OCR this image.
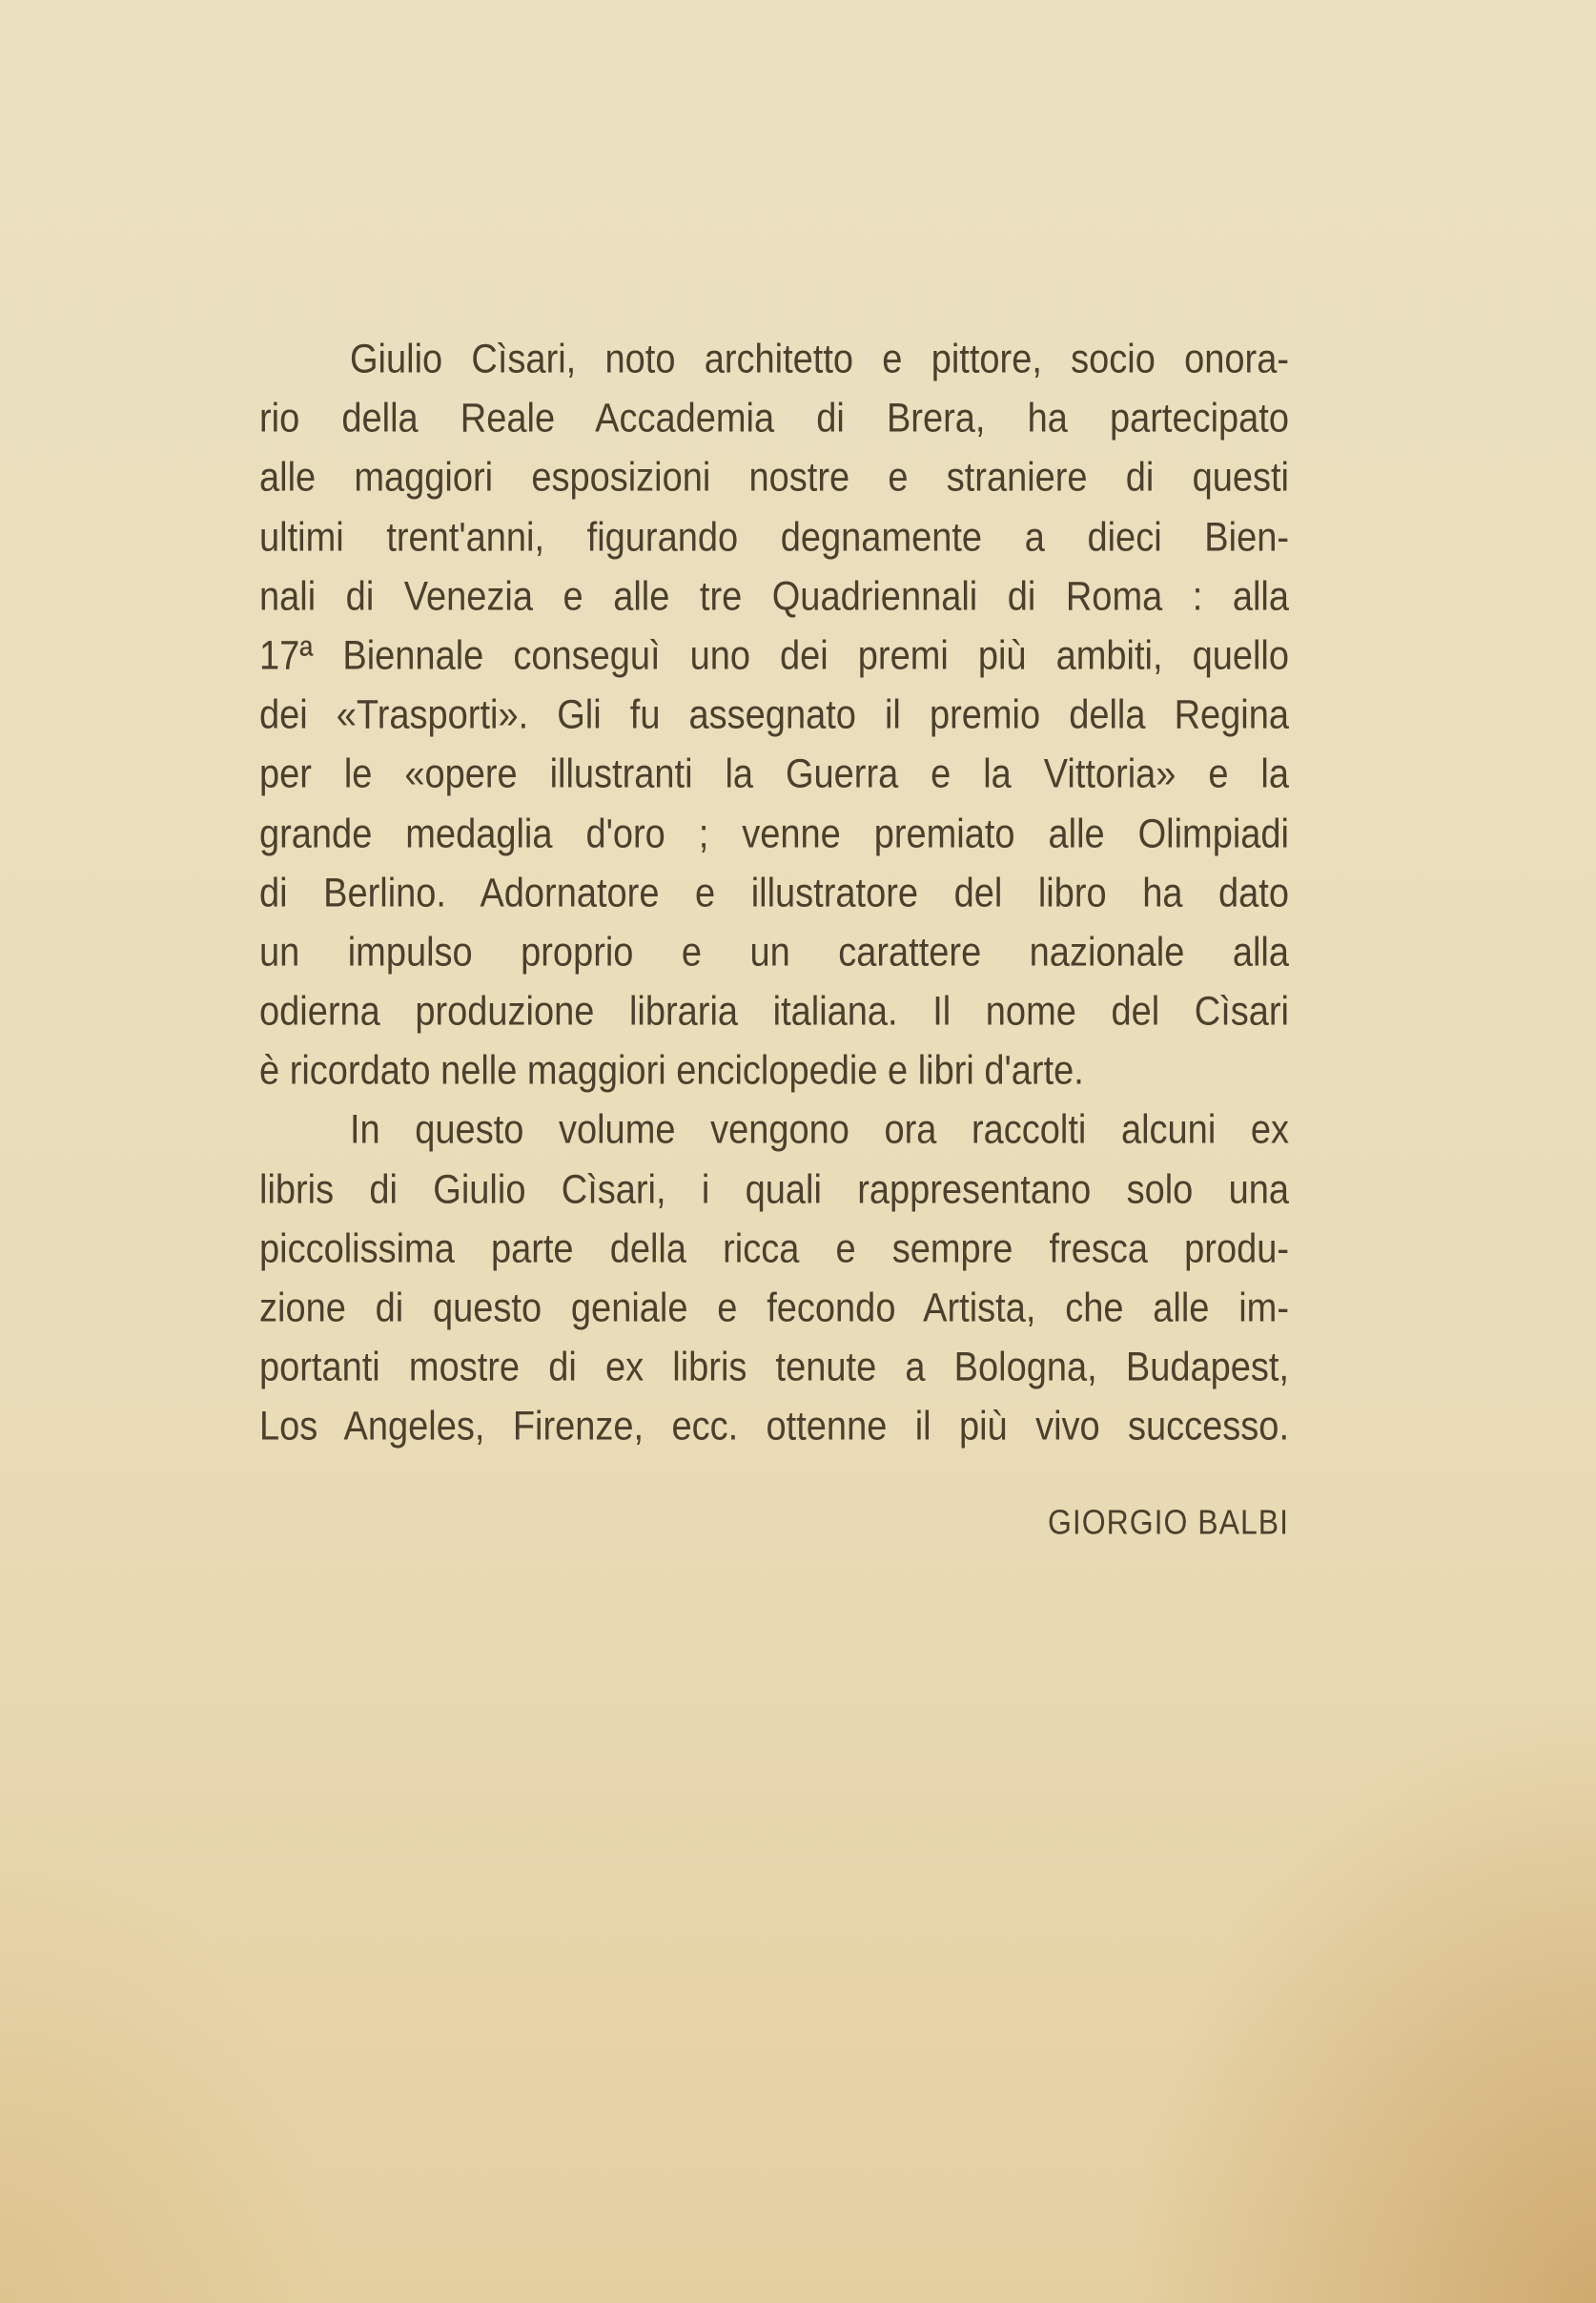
Giulio Cìsari, noto architetto e pittore, socio onora-
rio della Reale Accademia di Brera, ha partecipato
alle maggiori esposizioni nostre e straniere di questi
ultimi trent'anni, figurando degnamente a dieci Bien-
nali di Venezia e alle tre Quadriennali di Roma : alla
17ª Biennale conseguì uno dei premi più ambiti, quello
dei «Trasporti». Gli fu assegnato il premio della Regina
per le «opere illustranti la Guerra e la Vittoria» e la
grande medaglia d'oro ; venne premiato alle Olimpiadi
di Berlino. Adornatore e illustratore del libro ha dato
un impulso proprio e un carattere nazionale alla
odierna produzione libraria italiana. Il nome del Cìsari
è ricordato nelle maggiori enciclopedie e libri d'arte.
In questo volume vengono ora raccolti alcuni ex
libris di Giulio Cìsari, i quali rappresentano solo una
piccolissima parte della ricca e sempre fresca produ-
zione di questo geniale e fecondo Artista, che alle im-
portanti mostre di ex libris tenute a Bologna, Budapest,
Los Angeles, Firenze, ecc. ottenne il più vivo successo.
GIORGIO BALBI
